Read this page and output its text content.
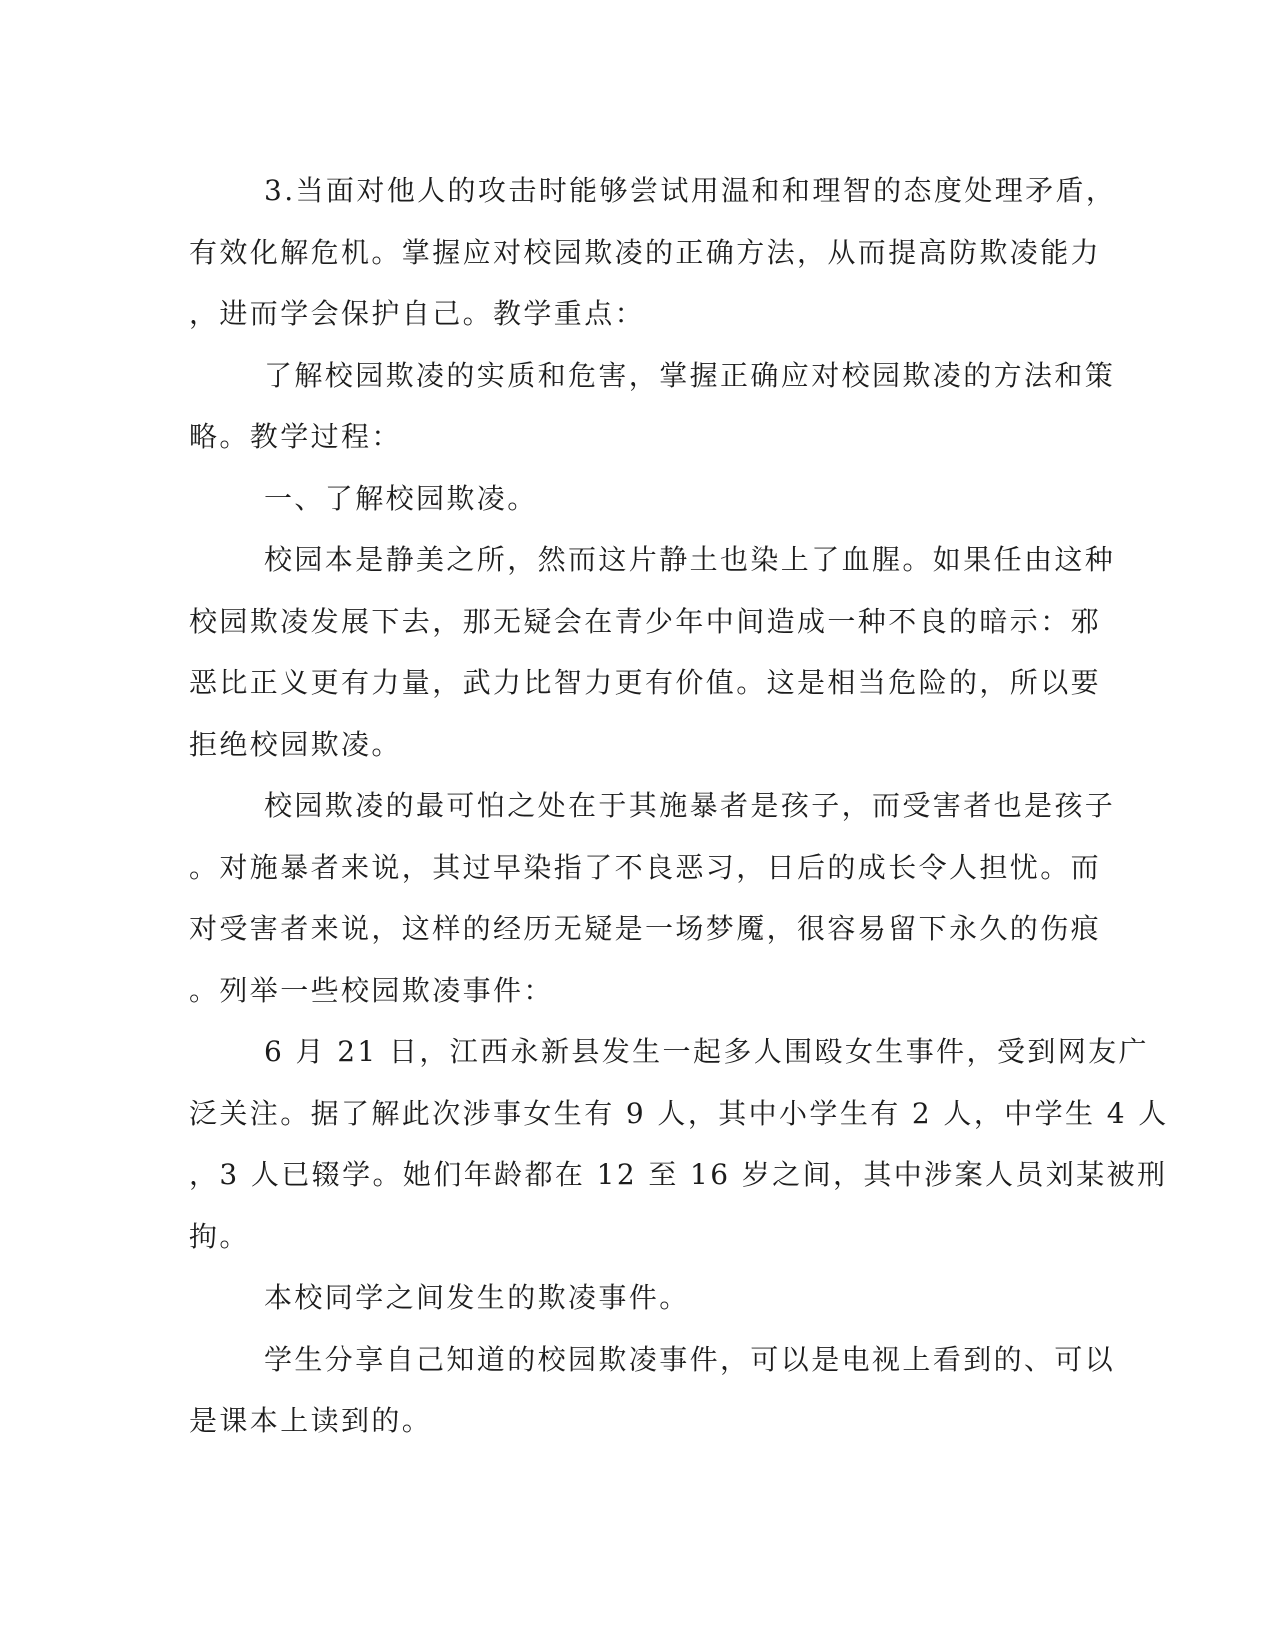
3.当面对他人的攻击时能够尝试用温和和理智的态度处理矛盾，
有效化解危机。掌握应对校园欺凌的正确方法，从而提高防欺凌能力
，进而学会保护自己。教学重点：
了解校园欺凌的实质和危害，掌握正确应对校园欺凌的方法和策
略。教学过程：
一、了解校园欺凌。
校园本是静美之所，然而这片静土也染上了血腥。如果任由这种
校园欺凌发展下去，那无疑会在青少年中间造成一种不良的暗示：邪
恶比正义更有力量，武力比智力更有价值。这是相当危险的，所以要
拒绝校园欺凌。
校园欺凌的最可怕之处在于其施暴者是孩子，而受害者也是孩子
。对施暴者来说，其过早染指了不良恶习，日后的成长令人担忧。而
对受害者来说，这样的经历无疑是一场梦魇，很容易留下永久的伤痕
。列举一些校园欺凌事件：
6 月 21 日，江西永新县发生一起多人围殴女生事件，受到网友广
泛关注。据了解此次涉事女生有 9 人，其中小学生有 2 人，中学生 4 人
，3 人已辍学。她们年龄都在 12 至 16 岁之间，其中涉案人员刘某被刑
拘。
本校同学之间发生的欺凌事件。
学生分享自己知道的校园欺凌事件，可以是电视上看到的、可以
是课本上读到的。
